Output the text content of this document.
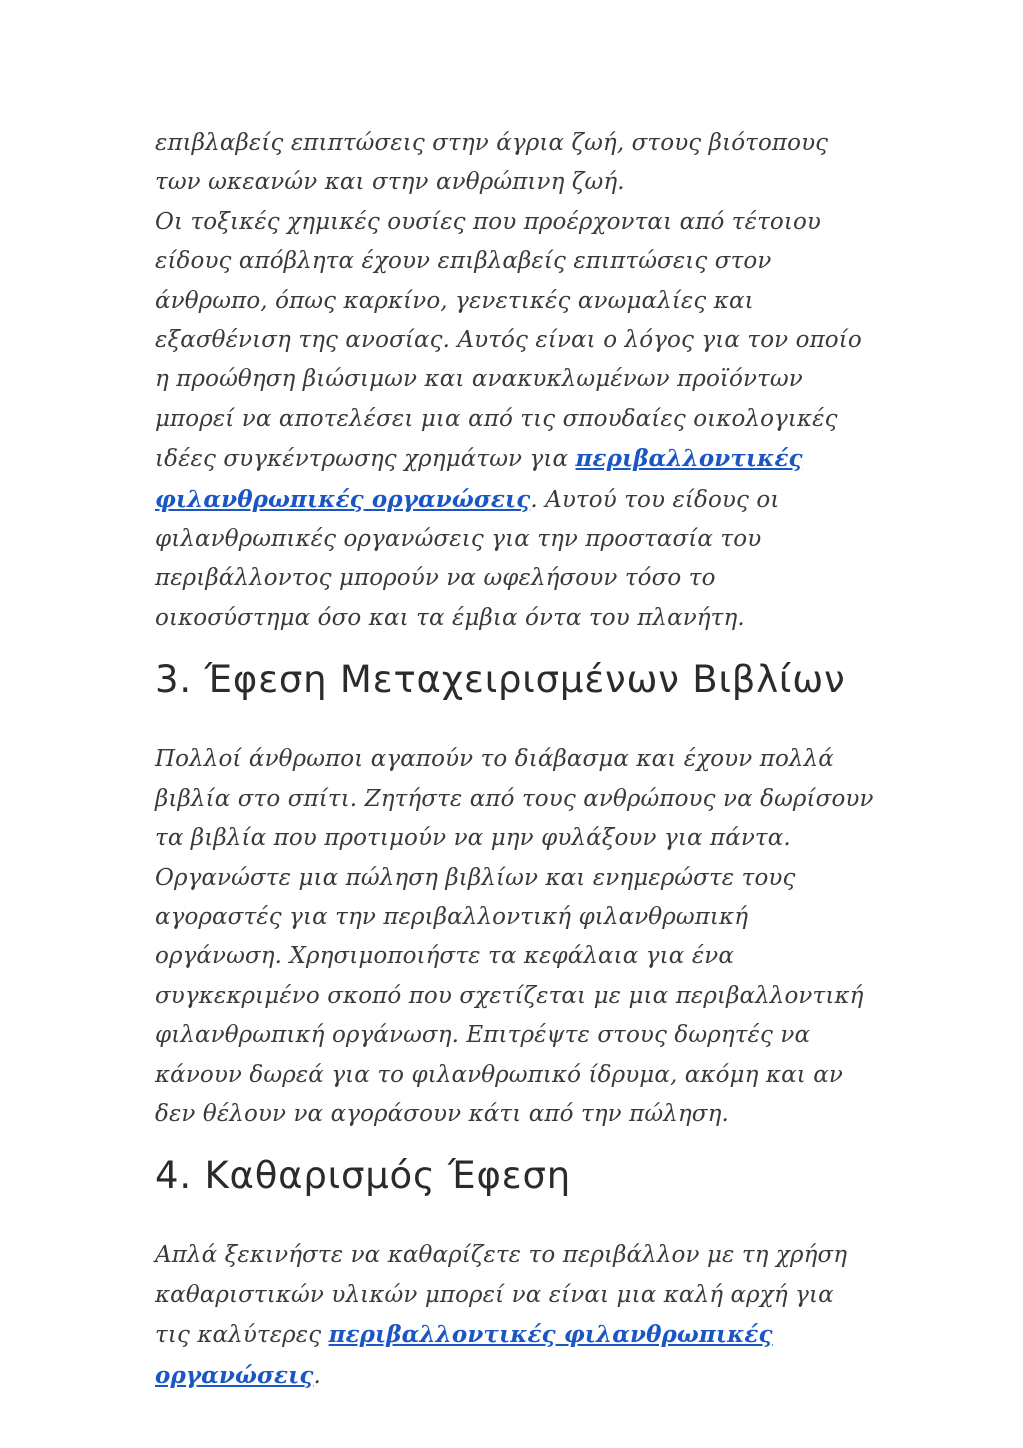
επιβλαβείς επιπτώσεις στην άγρια ζωή, στους βιότοπους των ωκεανών και στην ανθρώπινη ζωή.

Οι τοξικές χημικές ουσίες που προέρχονται από τέτοιου είδους απόβλητα έχουν επιβλαβείς επιπτώσεις στον άνθρωπο, όπως καρκίνο, γενετικές ανωμαλίες και εξασθένιση της ανοσίας. Αυτός είναι ο λόγος για τον οποίο η προώθηση βιώσιμων και ανακυκλωμένων προϊόντων μπορεί να αποτελέσει μια από τις σπουδαίες οικολογικές ιδέες συγκέντρωσης χρημάτων για περιβαλλοντικές φιλανθρωπικές οργανώσεις. Αυτού του είδους οι φιλανθρωπικές οργανώσεις για την προστασία του περιβάλλοντος μπορούν να ωφελήσουν τόσο το οικοσύστημα όσο και τα έμβια όντα του πλανήτη.

3. Έφεση Μεταχειρισμένων Βιβλίων

Πολλοί άνθρωποι αγαπούν το διάβασμα και έχουν πολλά βιβλία στο σπίτι. Ζητήστε από τους ανθρώπους να δωρίσουν τα βιβλία που προτιμούν να μην φυλάξουν για πάντα. Οργανώστε μια πώληση βιβλίων και ενημερώστε τους αγοραστές για την περιβαλλοντική φιλανθρωπική οργάνωση. Χρησιμοποιήστε τα κεφάλαια για ένα συγκεκριμένο σκοπό που σχετίζεται με μια περιβαλλοντική φιλανθρωπική οργάνωση. Επιτρέψτε στους δωρητές να κάνουν δωρεά για το φιλανθρωπικό ίδρυμα, ακόμη και αν δεν θέλουν να αγοράσουν κάτι από την πώληση.

4. Καθαρισμός Έφεση

Απλά ξεκινήστε να καθαρίζετε το περιβάλλον με τη χρήση καθαριστικών υλικών μπορεί να είναι μια καλή αρχή για τις καλύτερες περιβαλλοντικές φιλανθρωπικές οργανώσεις.
